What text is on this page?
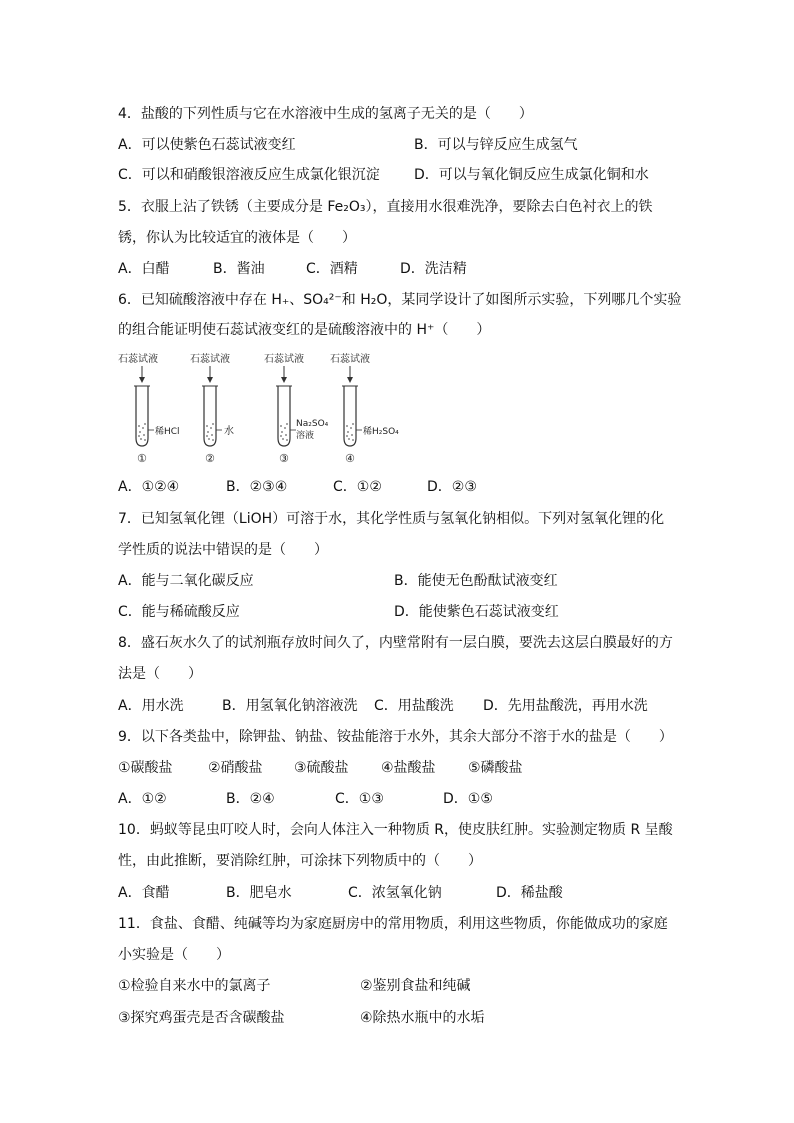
4．盐酸的下列性质与它在水溶液中生成的氢离子无关的是（　　）
A．可以使紫色石蕊试液变红	B．可以与锌反应生成氢气
C．可以和硝酸银溶液反应生成氯化银沉淀 D．可以与氧化铜反应生成氯化铜和水
5．衣服上沾了铁锈（主要成分是 Fe₂O₃），直接用水很难洗净，要除去白色衬衣上的铁
锈，你认为比较适宜的液体是（　　）
A．白醋	B．酱油	C．酒精	D．洗洁精
6．已知硫酸溶液中存在 H₊、SO₄²⁻和 H₂O，某同学设计了如图所示实验，下列哪几个实验
的组合能证明使石蕊试液变红的是硫酸溶液中的 H⁺（　　）
石蕊试液
稀HCl
①
石蕊试液
水
②
石蕊试液
Na₂SO₄
溶液
③
石蕊试液
稀H₂SO₄
④
A．①②④	B．②③④	C．①②	D．②③
7．已知氢氧化锂（LiOH）可溶于水，其化学性质与氢氧化钠相似。下列对氢氧化锂的化
学性质的说法中错误的是（　　）
A．能与二氧化碳反应	B．能使无色酚酞试液变红
C．能与稀硫酸反应	D．能使紫色石蕊试液变红
8．盛石灰水久了的试剂瓶存放时间久了，内壁常附有一层白膜，要洗去这层白膜最好的方
法是（　　）
A．用水洗	B．用氢氧化钠溶液洗 C．用盐酸洗 D．先用盐酸洗，再用水洗
9．以下各类盐中，除钾盐、钠盐、铵盐能溶于水外，其余大部分不溶于水的盐是（　　）
①碳酸盐	②硝酸盐 ③硫酸盐 ④盐酸盐 ⑤磷酸盐
A．①②	B．②④	C．①③	D．①⑤
10．蚂蚁等昆虫叮咬人时，会向人体注入一种物质 R，使皮肤红肿。实验测定物质 R 呈酸
性，由此推断，要消除红肿，可涂抹下列物质中的（　　）
A．食醋	B．肥皂水	C．浓氢氧化钠	D．稀盐酸
11．食盐、食醋、纯碱等均为家庭厨房中的常用物质，利用这些物质，你能做成功的家庭
小实验是（　　）
①检验自来水中的氯离子	②鉴别食盐和纯碱
③探究鸡蛋壳是否含碳酸盐	④除热水瓶中的水垢
